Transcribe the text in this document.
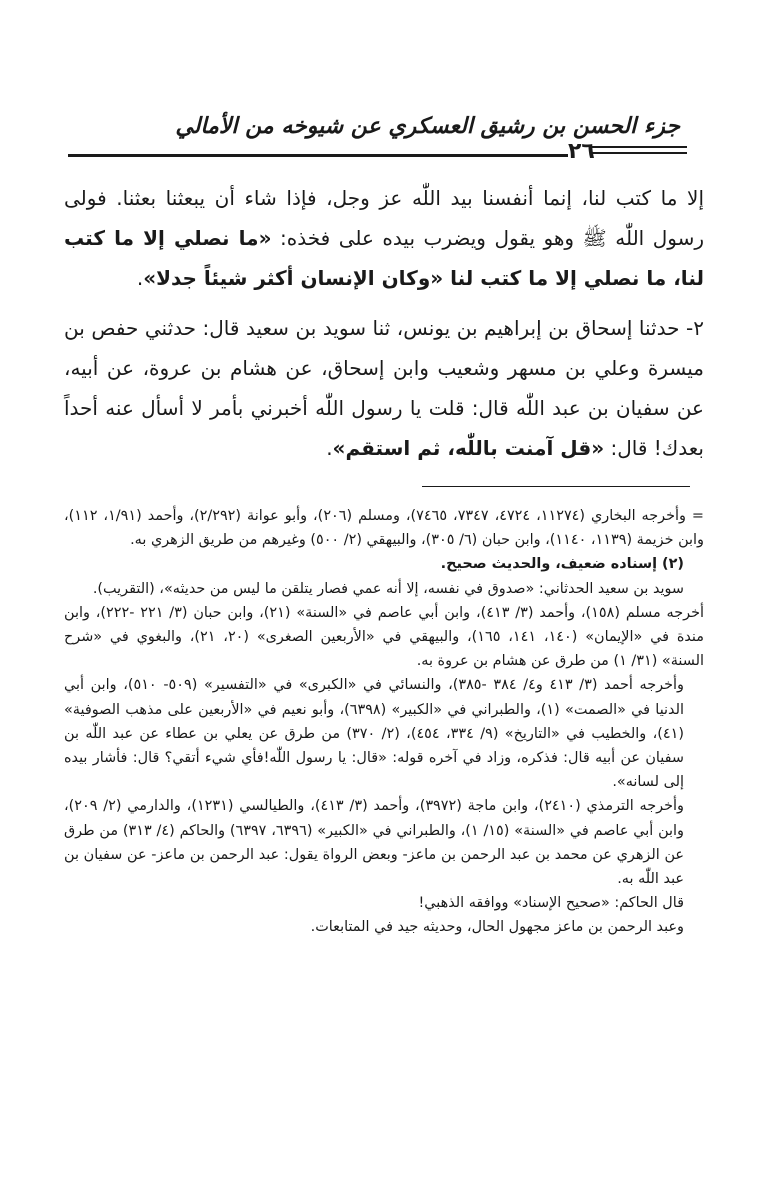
جزء الحسن بن رشيق العسكري عن شيوخه من الأمالي
٢٦

إلا ما كتب لنا، إنما أنفسنا بيد اللّٰه عز وجل، فإذا شاء أن يبعثنا بعثنا. فولى رسول اللّٰه ﷺ وهو يقول ويضرب بيده على فخذه: «ما نصلي إلا ما كتب لنا، ما نصلي إلا ما كتب لنا «وكان الإنسان أكثر شيئاً جدلا».

٢- حدثنا إسحاق بن إبراهيم بن يونس، ثنا سويد بن سعيد قال: حدثني حفص بن ميسرة وعلي بن مسهر وشعيب وابن إسحاق، عن هشام بن عروة، عن أبيه، عن سفيان بن عبد اللّٰه قال: قلت يا رسول اللّٰه أخبرني بأمر لا أسأل عنه أحداً بعدك! قال: «قل آمنت باللّٰه، ثم استقم».

= وأخرجه البخاري (١١٢٧٤، ٤٧٢٤، ٧٣٤٧، ٧٤٦٥)، ومسلم (٢٠٦)، وأبو عوانة (٢/٢٩٢)، وأحمد (١/٩١، ١١٢)، وابن خزيمة (١١٣٩، ١١٤٠)، وابن حبان (٦/ ٣٠٥)، والبيهقي (٢/ ٥٠٠) وغيرهم من طريق الزهري به.

(٢) إسناده ضعيف، والحديث صحيح.

سويد بن سعيد الحدثاني: «صدوق في نفسه، إلا أنه عمي فصار يتلقن ما ليس من حديثه»، (التقريب).

أخرجه مسلم (١٥٨)، وأحمد (٣/ ٤١٣)، وابن أبي عاصم في «السنة» (٢١)، وابن حبان (٣/ ٢٢١ -٢٢٢)، وابن مندة في «الإيمان» (١٤٠، ١٤١، ١٦٥)، والبيهقي في «الأربعين الصغرى» (٢٠، ٢١)، والبغوي في «شرح السنة» (٣١/ ١) من طرق عن هشام بن عروة به.

وأخرجه أحمد (٣/ ٤١٣ و٤/ ٣٨٤ -٣٨٥)، والنسائي في «الكبرى» في «التفسير» (٥٠٩- ٥١٠)، وابن أبي الدنيا في «الصمت» (١)، والطبراني في «الكبير» (٦٣٩٨)، وأبو نعيم في «الأربعين على مذهب الصوفية» (٤١)، والخطيب في «التاريخ» (٩/ ٣٣٤، ٤٥٤)، (٢/ ٣٧٠) من طرق عن يعلي بن عطاء عن عبد اللّٰه بن سفيان عن أبيه قال: فذكره، وزاد في آخره قوله: «قال: يا رسول اللّٰه!فأي شيء أتقي؟ قال: فأشار بيده إلى لسانه».

وأخرجه الترمذي (٢٤١٠)، وابن ماجة (٣٩٧٢)، وأحمد (٣/ ٤١٣)، والطيالسي (١٢٣١)، والدارمي (٢/ ٢٠٩)، وابن أبي عاصم في «السنة» (١٥/ ١)، والطبراني في «الكبير» (٦٣٩٦، ٦٣٩٧) والحاكم (٤/ ٣١٣) من طرق عن الزهري عن محمد بن عبد الرحمن بن ماعز- وبعض الرواة يقول: عبد الرحمن بن ماعز- عن سفيان بن عبد اللّٰه به.

قال الحاكم: «صحيح الإسناد» ووافقه الذهبي!

وعبد الرحمن بن ماعز مجهول الحال، وحديثه جيد في المتابعات.
